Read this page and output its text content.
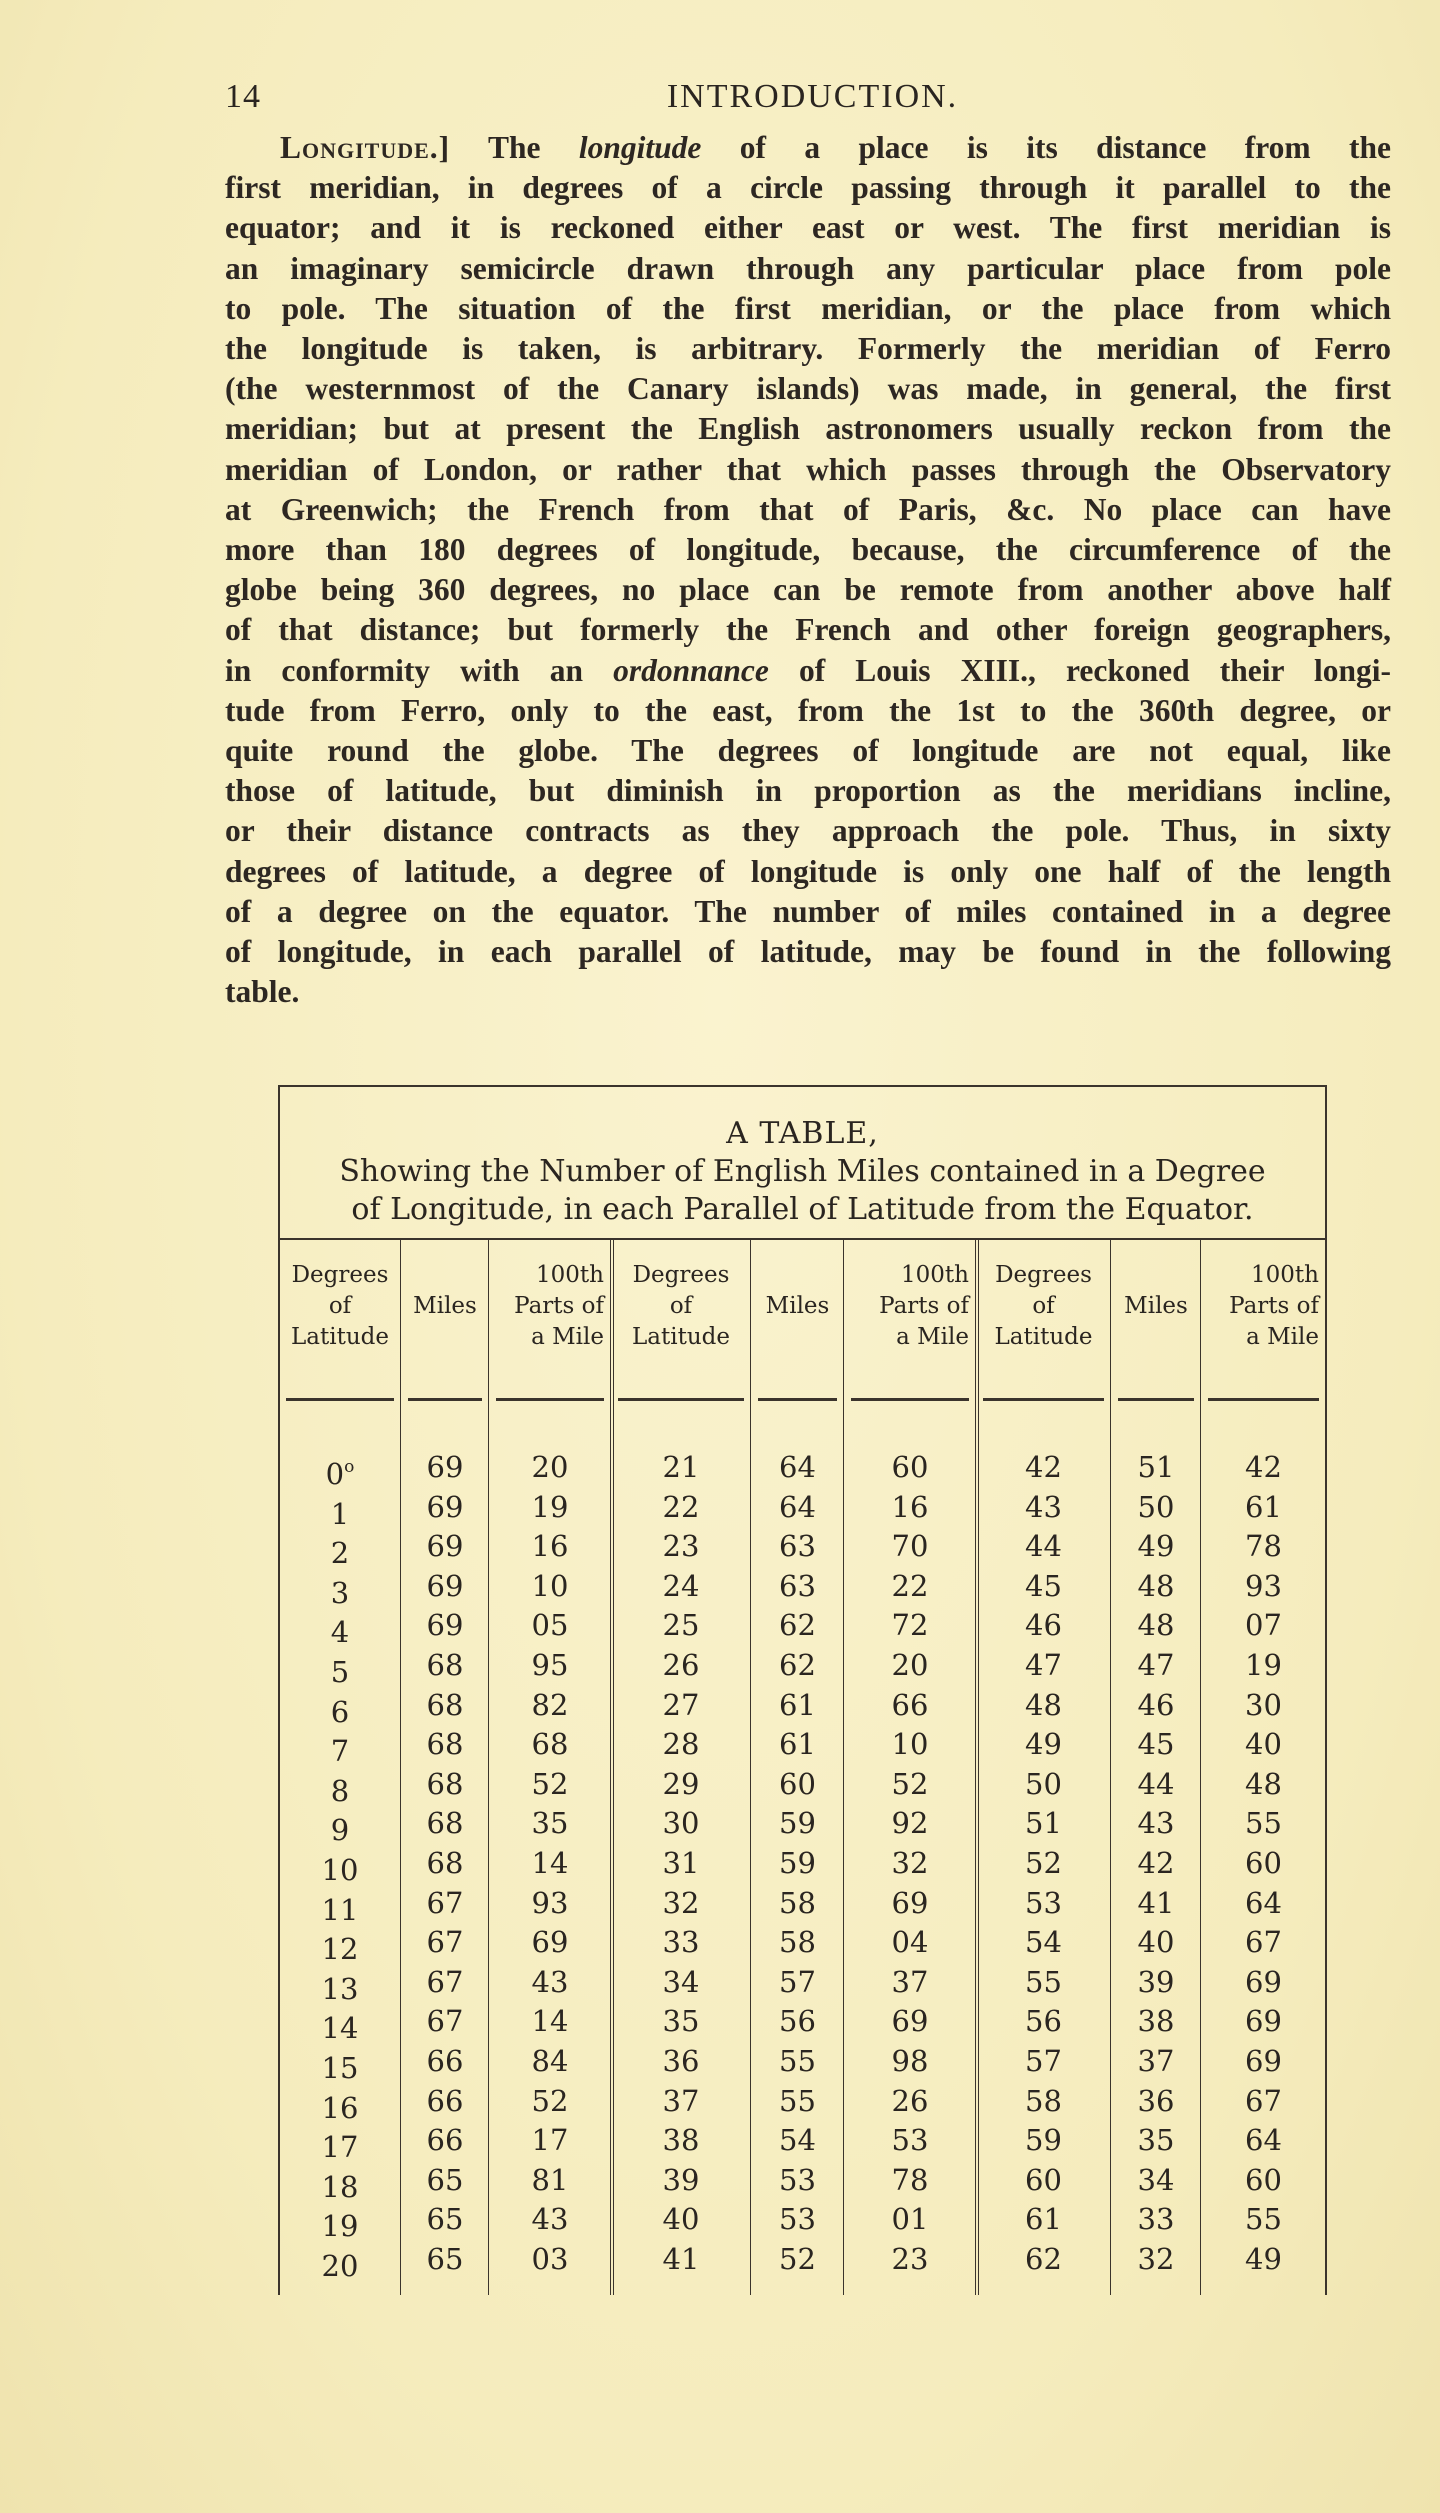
14	INTRODUCTION.
Longitude.] The longitude of a place is its distance from the
first meridian, in degrees of a circle passing through it parallel to the
equator; and it is reckoned either east or west. The first meridian is
an imaginary semicircle drawn through any particular place from pole
to pole. The situation of the first meridian, or the place from which
the longitude is taken, is arbitrary. Formerly the meridian of Ferro
(the westernmost of the Canary islands) was made, in general, the first
meridian; but at present the English astronomers usually reckon from the
meridian of London, or rather that which passes through the Observatory
at Greenwich; the French from that of Paris, &c. No place can have
more than 180 degrees of longitude, because, the circumference of the
globe being 360 degrees, no place can be remote from another above half
of that distance; but formerly the French and other foreign geographers,
in conformity with an ordonnance of Louis XIII., reckoned their longi-
tude from Ferro, only to the east, from the 1st to the 360th degree, or
quite round the globe. The degrees of longitude are not equal, like
those of latitude, but diminish in proportion as the meridians incline,
or their distance contracts as they approach the pole. Thus, in sixty
degrees of latitude, a degree of longitude is only one half of the length
of a degree on the equator. The number of miles contained in a degree
of longitude, in each parallel of latitude, may be found in the following
table.
A TABLE,
Showing the Number of English Miles contained in a Degree
of Longitude, in each Parallel of Latitude from the Equator.
Degrees
of
Latitude
0$^o$
1
2
3
4
5
6
7
8
9
10
11
12
13
14
15
16
17
18
19
20
Miles
69
69
69
69
69
68
68
68
68
68
68
67
67
67
67
66
66
66
65
65
65
100th
Parts of
a Mile
20
19
16
10
05
95
82
68
52
35
14
93
69
43
14
84
52
17
81
43
03
Degrees
of
Latitude
21
22
23
24
25
26
27
28
29
30
31
32
33
34
35
36
37
38
39
40
41
Miles
64
64
63
63
62
62
61
61
60
59
59
58
58
57
56
55
55
54
53
53
52
100th
Parts of
a Mile
60
16
70
22
72
20
66
10
52
92
32
69
04
37
69
98
26
53
78
01
23
Degrees
of
Latitude
42
43
44
45
46
47
48
49
50
51
52
53
54
55
56
57
58
59
60
61
62
Miles
51
50
49
48
48
47
46
45
44
43
42
41
40
39
38
37
36
35
34
33
32
100th
Parts of
a Mile
42
61
78
93
07
19
30
40
48
55
60
64
67
69
69
69
67
64
60
55
49
